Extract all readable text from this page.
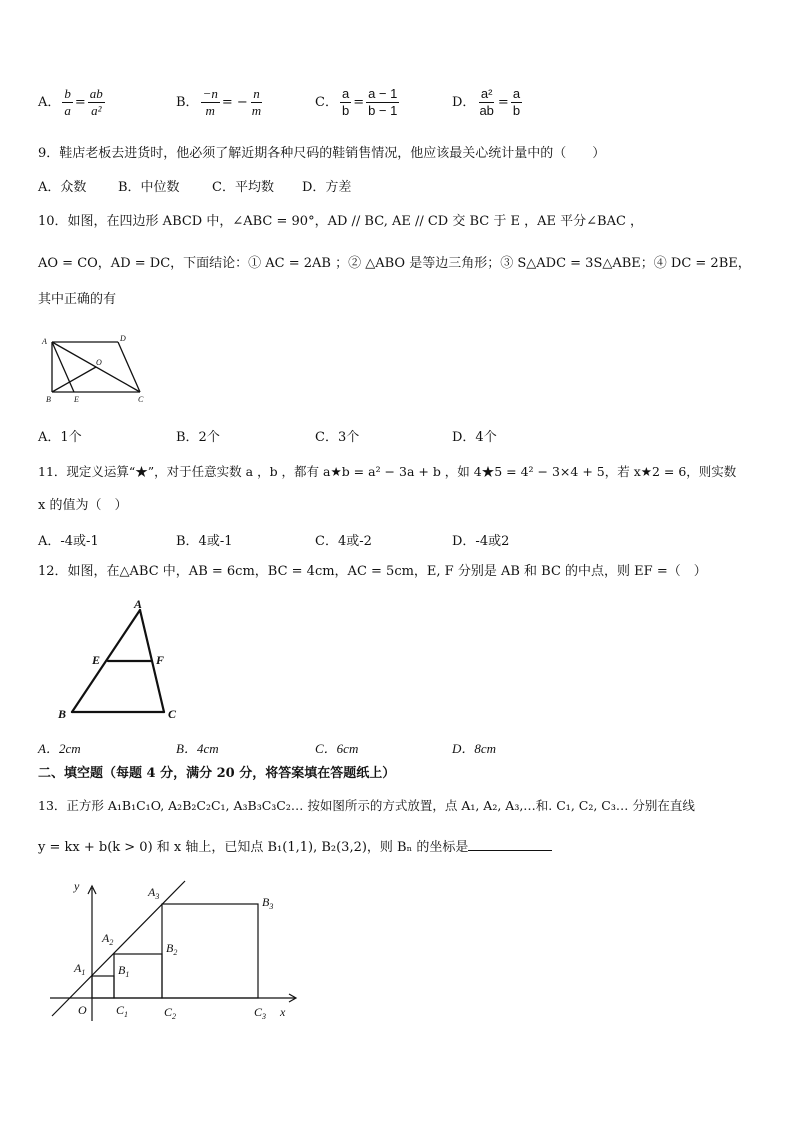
A． $\frac{b}{a} = \frac{ab}{\text{a²}}$	B． $\frac{-n}{m}$ = − $\frac{n}{m}$	C． $\frac{a}{b} = \frac{a - 1}{b - 1}$	D． $\frac{\text{a²}}{ab} = \frac{a}{b}$
9．鞋店老板去进货时，他必须了解近期各种尺码的鞋销售情况，他应该最关心统计量中的（　　）
A．众数 B．中位数 C．平均数 D．方差
10．如图，在四边形 ABCD 中，∠ABC = 90°，AD // BC, AE // CD 交 BC 于 E ，AE 平分∠BAC ，
AO = CO，AD = DC，下面结论：① AC = 2AB ；② △ABO 是等边三角形；③ S△ADC = 3S△ABE；④ DC = 2BE，
其中正确的有
A	D
O
B	E	C
A．1个	B．2个	C．3个	D．4个
11．现定义运算“★”，对于任意实数 a ，b ，都有 a★b = a² − 3a + b ，如 4★5 = 4² − 3×4 + 5，若 x★2 = 6，则实数
x 的值为（　）
A．-4或-1	B．4或-1	C．4或-2	D．-4或2
12．如图，在△ABC 中，AB = 6cm，BC = 4cm，AC = 5cm，E, F 分别是 AB 和 BC 的中点，则 EF =（　）
A
E	F
B	C
A．2cm	B．4cm	C．6cm	D．8cm
二、填空题（每题 4 分，满分 20 分，将答案填在答题纸上）
13．正方形 A₁B₁C₁O, A₂B₂C₂C₁, A₃B₃C₃C₂… 按如图所示的方式放置，点 A₁, A₂, A₃,…和. C₁, C₂, C₃… 分别在直线
y = kx + b(k > 0) 和 x 轴上，已知点 B₁(1,1), B₂(3,2)，则 Bₙ 的坐标是
y
x
O
$A_1$
$A_2$
$A_3$
$B_1$
$B_2$
$B_3$
$C_1$	$C_2$	$C_3$
